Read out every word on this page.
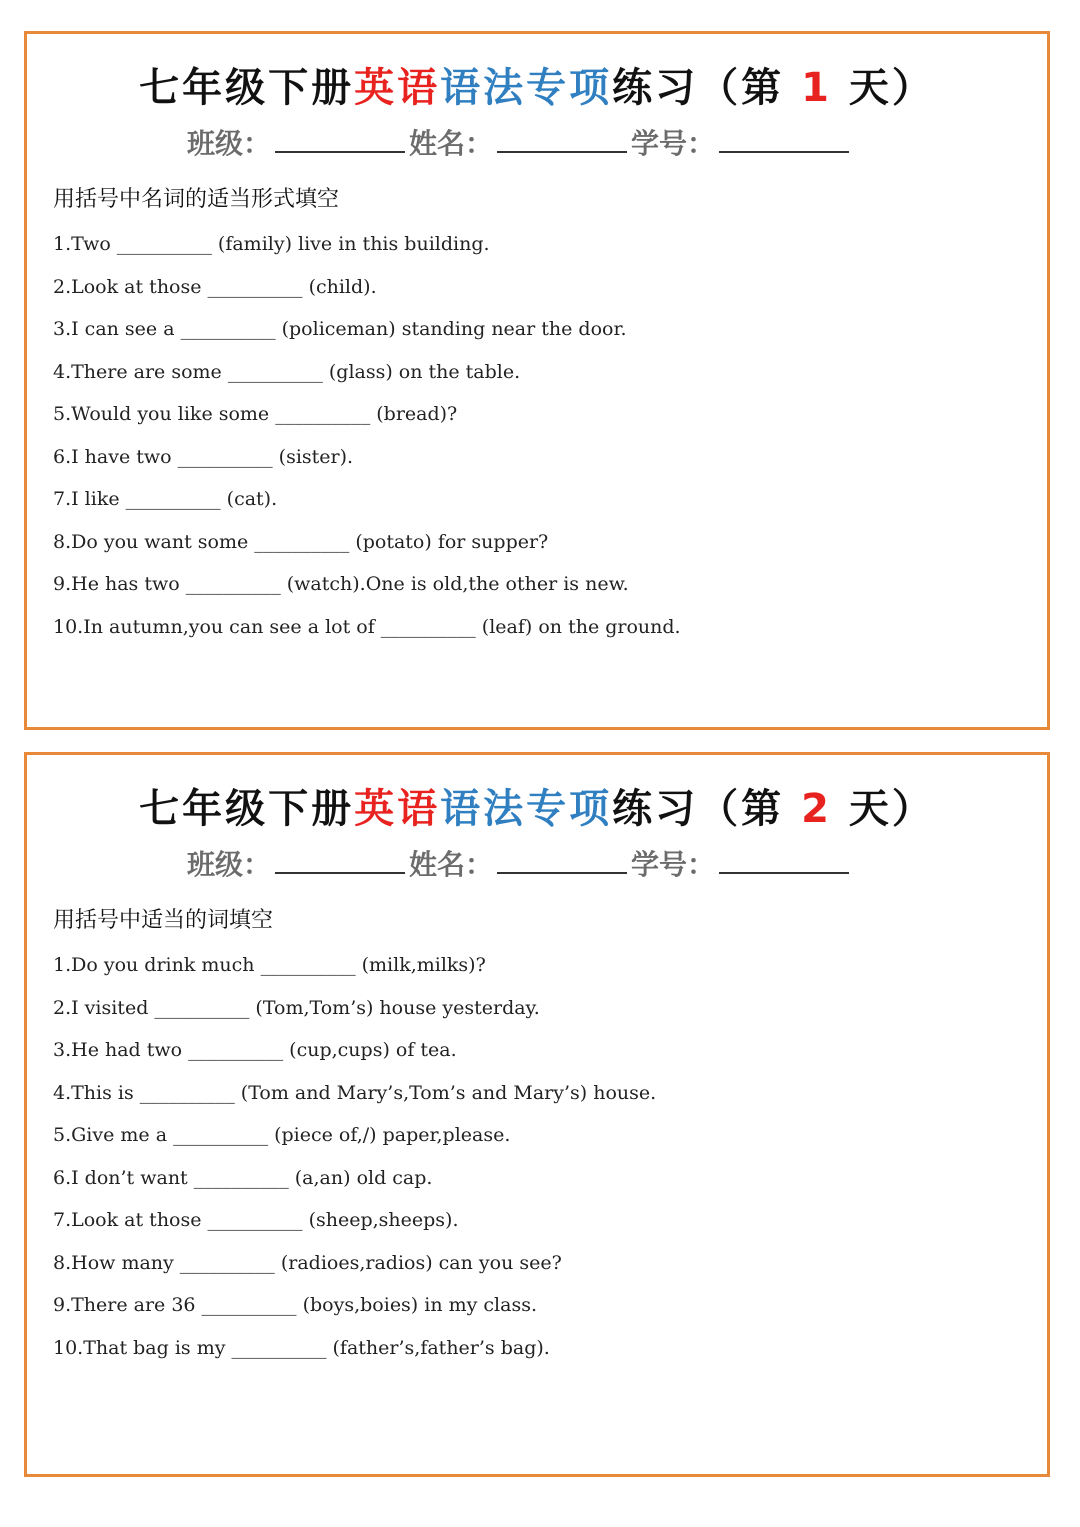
七年级下册英语语法专项练习（第 1 天）
班级：	姓名：	学号：
用括号中名词的适当形式填空
1.Two __________ (family) live in this building.
2.Look at those __________ (child).
3.I can see a __________ (policeman) standing near the door.
4.There are some __________ (glass) on the table.
5.Would you like some __________ (bread)?
6.I have two __________ (sister).
7.I like __________ (cat).
8.Do you want some __________ (potato) for supper?
9.He has two __________ (watch).One is old,the other is new.
10.In autumn,you can see a lot of __________ (leaf) on the ground.
七年级下册英语语法专项练习（第 2 天）
班级：	姓名：	学号：
用括号中适当的词填空
1.Do you drink much __________ (milk,milks)?
2.I visited __________ (Tom,Tom’s) house yesterday.
3.He had two __________ (cup,cups) of tea.
4.This is __________ (Tom and Mary’s,Tom’s and Mary’s) house.
5.Give me a __________ (piece of,/) paper,please.
6.I don’t want __________ (a,an) old cap.
7.Look at those __________ (sheep,sheeps).
8.How many __________ (radioes,radios) can you see?
9.There are 36 __________ (boys,boies) in my class.
10.That bag is my __________ (father’s,father’s bag).
